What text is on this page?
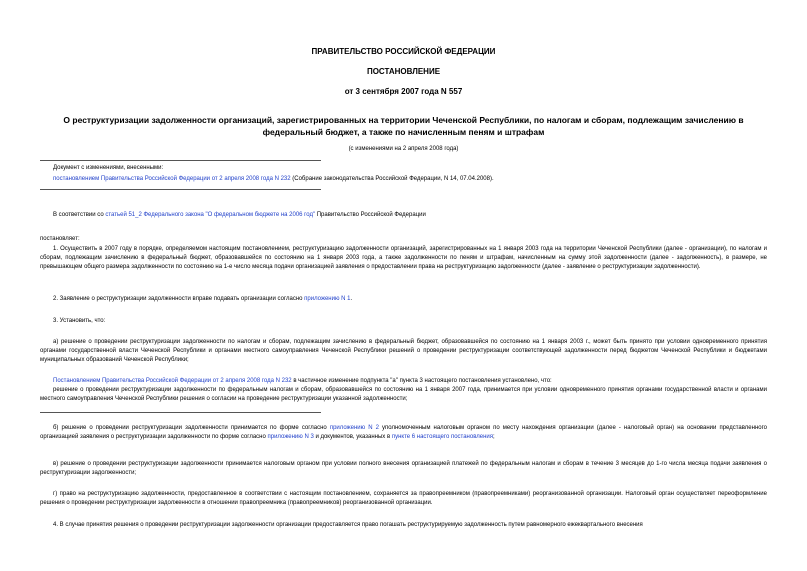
ПРАВИТЕЛЬСТВО РОССИЙСКОЙ ФЕДЕРАЦИИ
ПОСТАНОВЛЕНИЕ
от 3 сентября 2007 года N 557
О реструктуризации задолженности организаций, зарегистрированных на территории Чеченской Республики, по налогам и сборам, подлежащим зачислению в федеральный бюджет, а также по начисленным пеням и штрафам
(с изменениями на 2 апреля 2008 года)
Документ с изменениями, внесенными:
постановлением Правительства Российской Федерации от 2 апреля 2008 года N 232 (Собрание законодательства Российской Федерации, N 14, 07.04.2008).
В соответствии со статьей 51_2 Федерального закона "О федеральном бюджете на 2006 год" Правительство Российской Федерации
постановляет:
1. Осуществить в 2007 году в порядке, определяемом настоящим постановлением, реструктуризацию задолженности организаций, зарегистрированных на 1 января 2003 года на территории Чеченской Республики (далее - организации), по налогам и сборам, подлежащим зачислению в федеральный бюджет, образовавшейся по состоянию на 1 января 2003 года, а также задолженности по пеням и штрафам, начисленным на сумму этой задолженности (далее - задолженность), в размере, не превышающем общего размера задолженности по состоянию на 1-е число месяца подачи организацией заявления о предоставлении права на реструктуризацию задолженности (далее - заявление о реструктуризации задолженности).
2. Заявление о реструктуризации задолженности вправе подавать организации согласно приложению N 1.
3. Установить, что:
а) решение о проведении реструктуризации задолженности по налогам и сборам, подлежащим зачислению в федеральный бюджет, образовавшейся по состоянию на 1 января 2003 г., может быть принято при условии одновременного принятия органами государственной власти Чеченской Республики и органами местного самоуправления Чеченской Республики решений о проведении реструктуризации соответствующей задолженности перед бюджетом Чеченской Республики и бюджетами муниципальных образований Чеченской Республики;
Постановлением Правительства Российской Федерации от 2 апреля 2008 года N 232 в частичное изменение подпункта "а" пункта 3 настоящего постановления установлено, что:
решение о проведении реструктуризации задолженности по федеральным налогам и сборам, образовавшейся по состоянию на 1 января 2007 года, принимается при условии одновременного принятия органами государственной власти и органами местного самоуправления Чеченской Республики решения о согласии на проведение реструктуризации указанной задолженности;
б) решение о проведении реструктуризации задолженности принимается по форме согласно приложению N 2 уполномоченным налоговым органом по месту нахождения организации (далее - налоговый орган) на основании представленного организацией заявления о реструктуризации задолженности по форме согласно приложению N 3 и документов, указанных в пункте 6 настоящего постановления;
в) решение о проведении реструктуризации задолженности принимается налоговым органом при условии полного внесения организацией платежей по федеральным налогам и сборам в течение 3 месяцев до 1-го числа месяца подачи заявления о реструктуризации задолженности;
г) право на реструктуризацию задолженности, предоставленное в соответствии с настоящим постановлением, сохраняется за правопреемником (правопреемниками) реорганизованной организации. Налоговый орган осуществляет переоформление решения о проведении реструктуризации задолженности в отношении правопреемника (правопреемников) реорганизованной организации.
4. В случае принятия решения о проведении реструктуризации задолженности организации предоставляется право погашать реструктурируемую задолженность путем равномерного ежеквартального внесения
